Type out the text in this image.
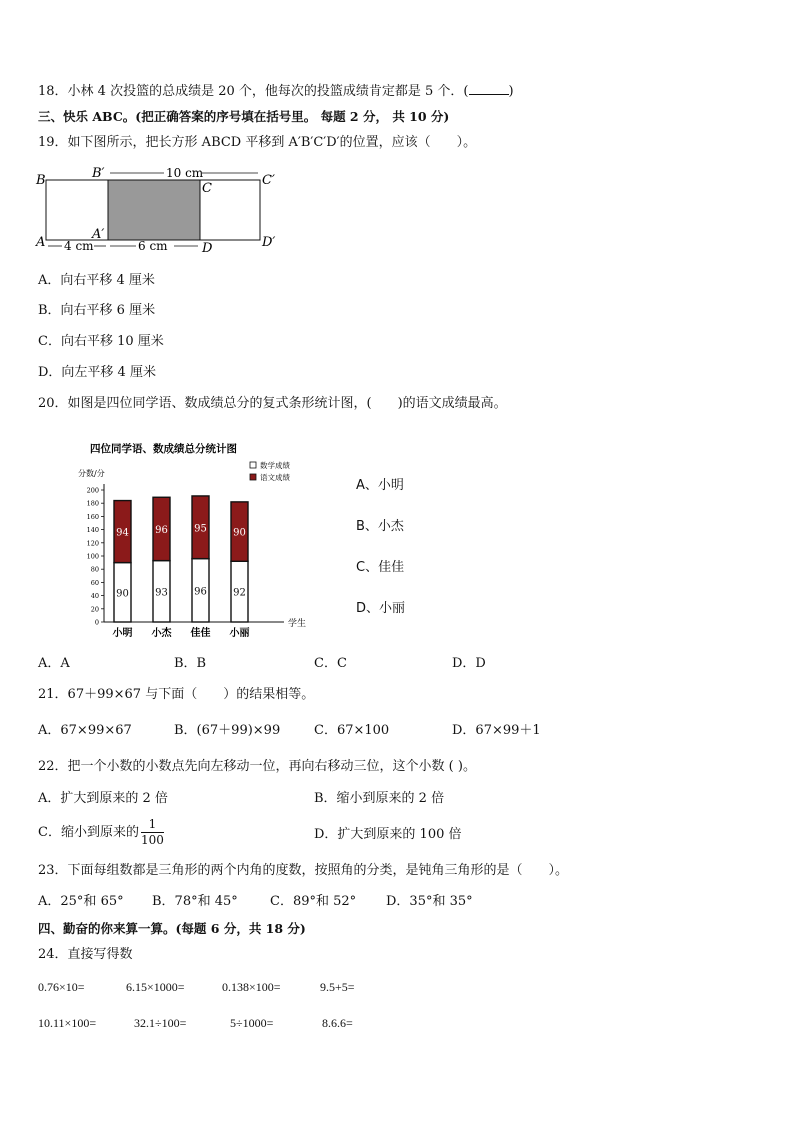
18．小林 4 次投篮的总成绩是 20 个，他每次的投篮成绩肯定都是 5 个．(	)
三、快乐 ABC。(把正确答案的序号填在括号里。 每题 2 分， 共 10 分)
19．如下图所示，把长方形 ABCD 平移到 A′B′C′D′的位置，应该（　　）。
10 cm
4 cm	6 cm
B	B′
C
C′
A
A′
D	D′
A．向右平移 4 厘米
B．向右平移 6 厘米
C．向右平移 10 厘米
D．向左平移 4 厘米
20．如图是四位同学语、数成绩总分的复式条形统计图，(　　)的语文成绩最高。
四位同学语、数成绩总分统计图
分数/分
学生
0
20
40
60
80
100
120
140
160
180
200
数学成绩
语文成绩
90
94
小明
93
96
小杰
96
95
佳佳
92
90
小丽
A、小明
B、小杰
C、佳佳
D、小丽
A．A	B．B	C．C	D．D
21．67＋99×67 与下面（　　）的结果相等。
A．67×99×67	B．(67＋99)×99	C．67×100	D．67×99＋1
22．把一个小数的小数点先向左移动一位，再向右移动三位，这个小数 ( )。
A．扩大到原来的 2 倍	B．缩小到原来的 2 倍
C．缩小到原来的 $\frac{1}{100}$	D．扩大到原来的 100 倍
23．下面每组数都是三角形的两个内角的度数，按照角的分类，是钝角三角形的是（　　）。
A．25°和 65° B．78°和 45° C．89°和 52° D．35°和 35°
四、勤奋的你来算一算。(每题 6 分，共 18 分)
24．直接写得数
0.76×10=	6.15×1000=	0.138×100=	9.5+5=
10.11×100=	32.1÷100=	5÷1000=	8.6.6=
